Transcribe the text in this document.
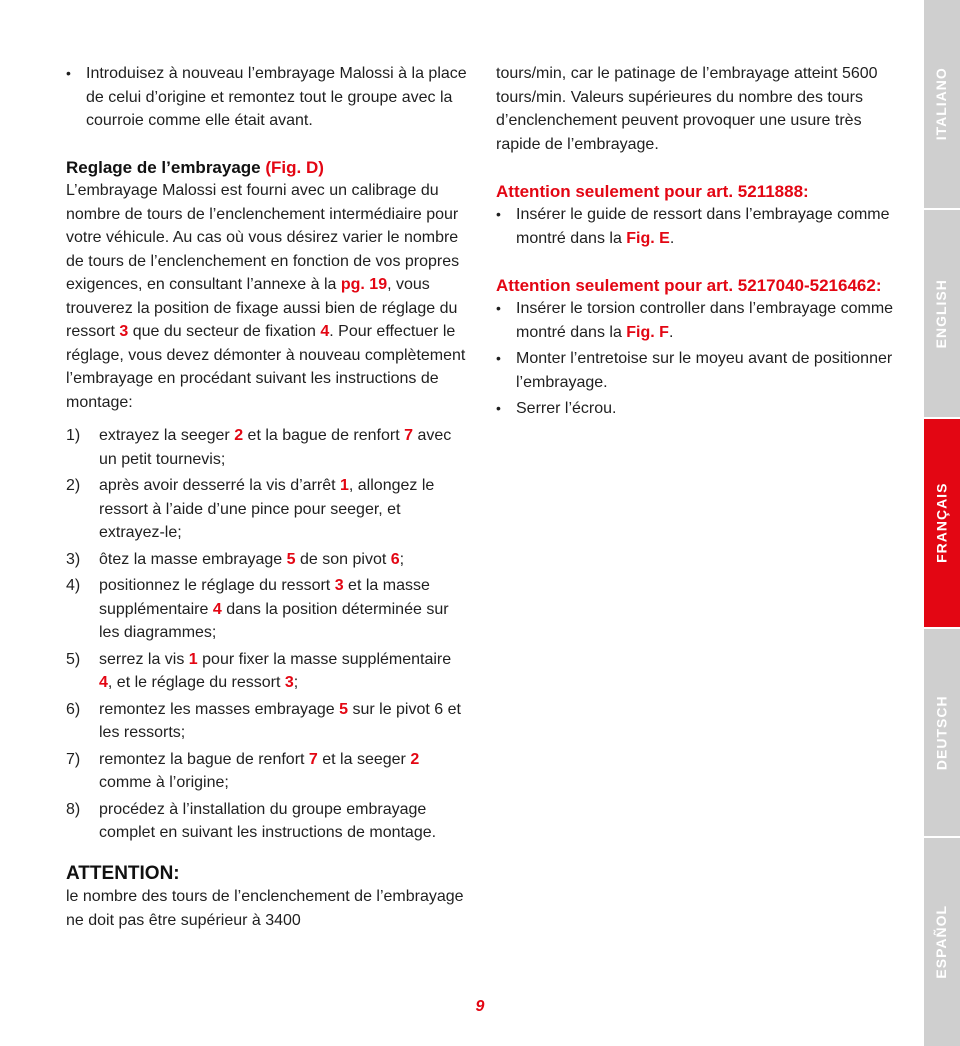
• Introduisez à nouveau l’embrayage Malossi à la place de celui d’origine et remontez tout le groupe avec la courroie comme elle était avant.

Reglage de l’embrayage (Fig. D)

L’embrayage Malossi est fourni avec un calibrage du nombre de tours de l’enclenchement intermédiaire pour votre véhicule. Au cas où vous désirez varier le nombre de tours de l’enclenchement en fonction de vos propres exigences, en consultant l’annexe à la pg. 19, vous trouverez la position de fixage aussi bien de réglage du ressort 3 que du secteur de fixation 4. Pour effectuer le réglage, vous devez démonter à nouveau complètement l’embrayage en procédant suivant les instructions de montage:

1) extrayez la seeger 2 et la bague de renfort 7 avec un petit tournevis;
2) après avoir desserré la vis d’arrêt 1, allongez le ressort à l’aide d’une pince pour seeger, et extrayez-le;
3) ôtez la masse embrayage 5 de son pivot 6;
4) positionnez le réglage du ressort 3 et la masse supplémentaire 4 dans la position déterminée sur les diagrammes;
5) serrez la vis 1 pour fixer la masse supplémentaire 4, et le réglage du ressort 3;
6) remontez les masses embrayage 5 sur le pivot 6 et les ressorts;
7) remontez la bague de renfort 7 et la seeger 2 comme à l’origine;
8) procédez à l’installation du groupe embrayage complet en suivant les instructions de montage.

ATTENTION:

le nombre des tours de l’enclenchement de l’embrayage ne doit pas être supérieur à 3400

tours/min, car le patinage de l’embrayage atteint 5600 tours/min. Valeurs supérieures du nombre des tours d’enclenchement peuvent provoquer une usure très rapide de l’embrayage.

Attention seulement pour art. 5211888:

• Insérer le guide de ressort dans l’embrayage comme montré dans la Fig. E.

Attention seulement pour art. 5217040-5216462:

• Insérer le torsion controller dans l’embrayage comme montré dans la Fig. F.

• Monter l’entretoise sur le moyeu avant de positionner l’embrayage.

• Serrer l’écrou.

9
ITALIANO
ENGLISH
FRANÇAIS
DEUTSCH
ESPAÑOL
